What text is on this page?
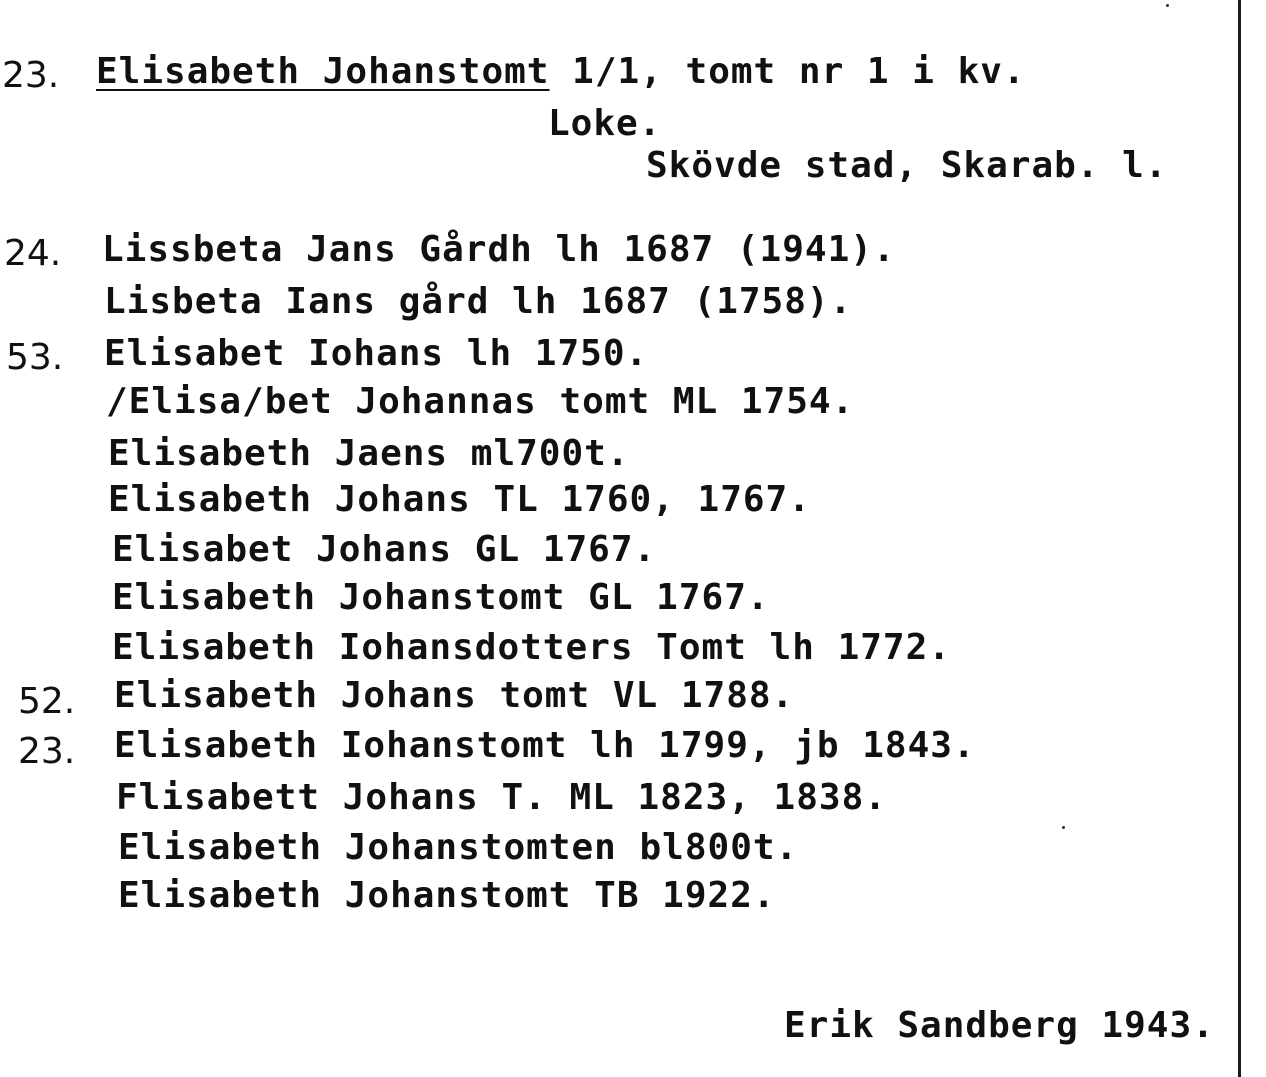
23. Elisabeth Johanstomt 1/1, tomt nr 1 i kv.
Loke.
Skövde stad, Skarab. l.
24. Lissbeta Jans Gårdh lh 1687 (1941).
Lisbeta Ians gård lh 1687 (1758).
53. Elisabet Iohans lh 1750.
/Elisa/bet Johannas tomt ML 1754.
Elisabeth Jaens ml700t.
Elisabeth Johans TL 1760, 1767.
Elisabet Johans GL 1767.
Elisabeth Johanstomt GL 1767.
Elisabeth Iohansdotters Tomt lh 1772.
52. Elisabeth Johans tomt VL 1788.
23. Elisabeth Iohanstomt lh 1799, jb 1843.
Flisabett Johans T. ML 1823, 1838.
Elisabeth Johanstomten bl800t.
Elisabeth Johanstomt TB 1922.
Erik Sandberg 1943.
